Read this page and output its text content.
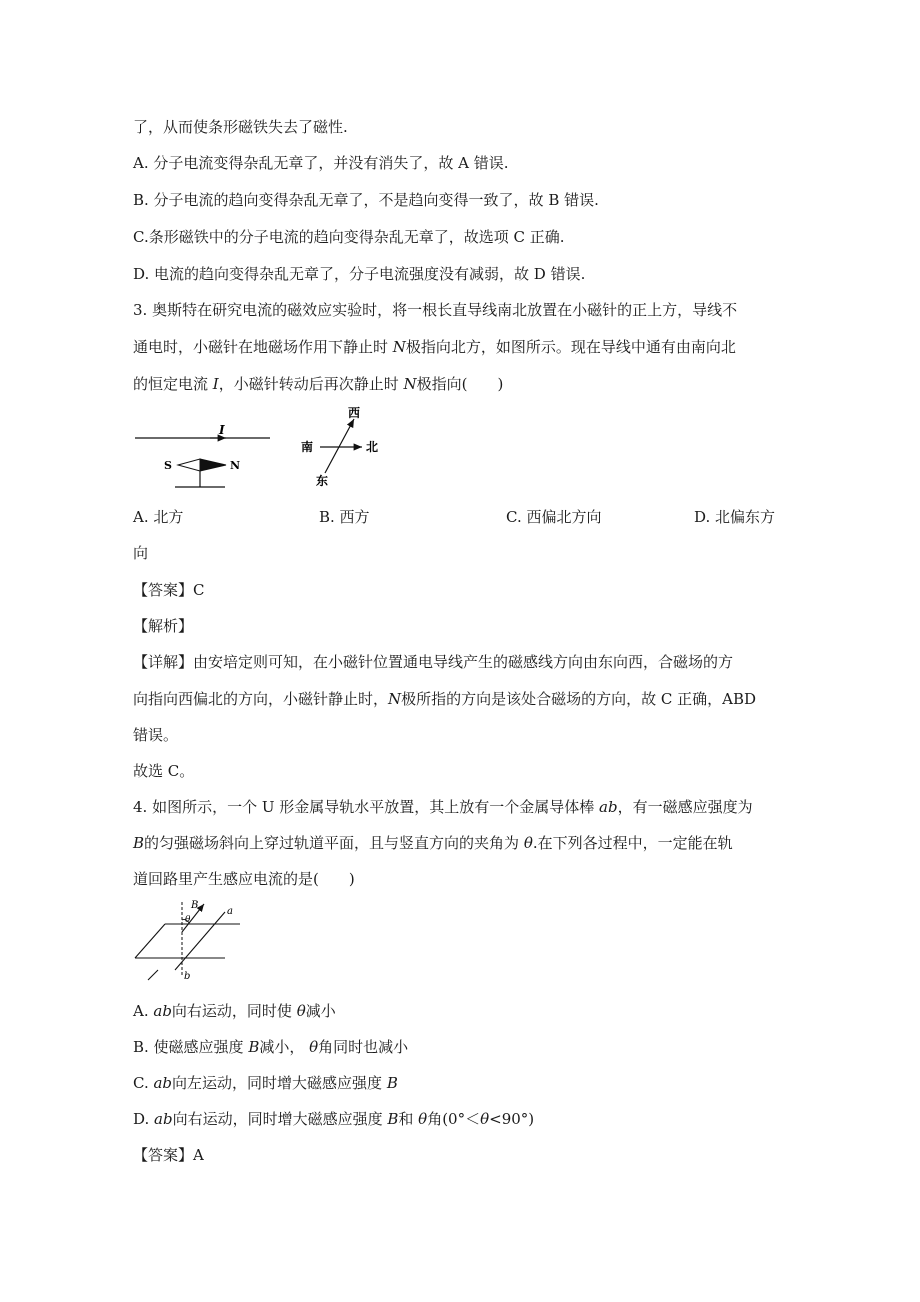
了，从而使条形磁铁失去了磁性.
A. 分子电流变得杂乱无章了，并没有消失了，故 A 错误.
B. 分子电流的趋向变得杂乱无章了，不是趋向变得一致了，故 B 错误.
C.条形磁铁中的分子电流的趋向变得杂乱无章了，故选项 C 正确.
D. 电流的趋向变得杂乱无章了，分子电流强度没有减弱，故 D 错误.
3. 奥斯特在研究电流的磁效应实验时，将一根长直导线南北放置在小磁针的正上方，导线不
通电时，小磁针在地磁场作用下静止时 N极指向北方，如图所示。现在导线中通有由南向北
的恒定电流 I，小磁针转动后再次静止时 N极指向(　　)
I
S	N
西
南	北
东
A. 北方	B. 西方	C. 西偏北方向	D. 北偏东方
向
【答案】C
【解析】
【详解】由安培定则可知，在小磁针位置通电导线产生的磁感线方向由东向西，合磁场的方
向指向西偏北的方向，小磁针静止时，N极所指的方向是该处合磁场的方向，故 C 正确，ABD
错误。
故选 C。
4. 如图所示，一个 U 形金属导轨水平放置，其上放有一个金属导体棒 ab，有一磁感应强度为
B的匀强磁场斜向上穿过轨道平面，且与竖直方向的夹角为 θ.在下列各过程中，一定能在轨
道回路里产生感应电流的是(　　)
B
θ
a
b
A. ab向右运动，同时使 θ减小
B. 使磁感应强度 B减小， θ角同时也减小
C. ab向左运动，同时增大磁感应强度 B
D. ab向右运动，同时增大磁感应强度 B和 θ角(0°＜θ<90°)
【答案】A
